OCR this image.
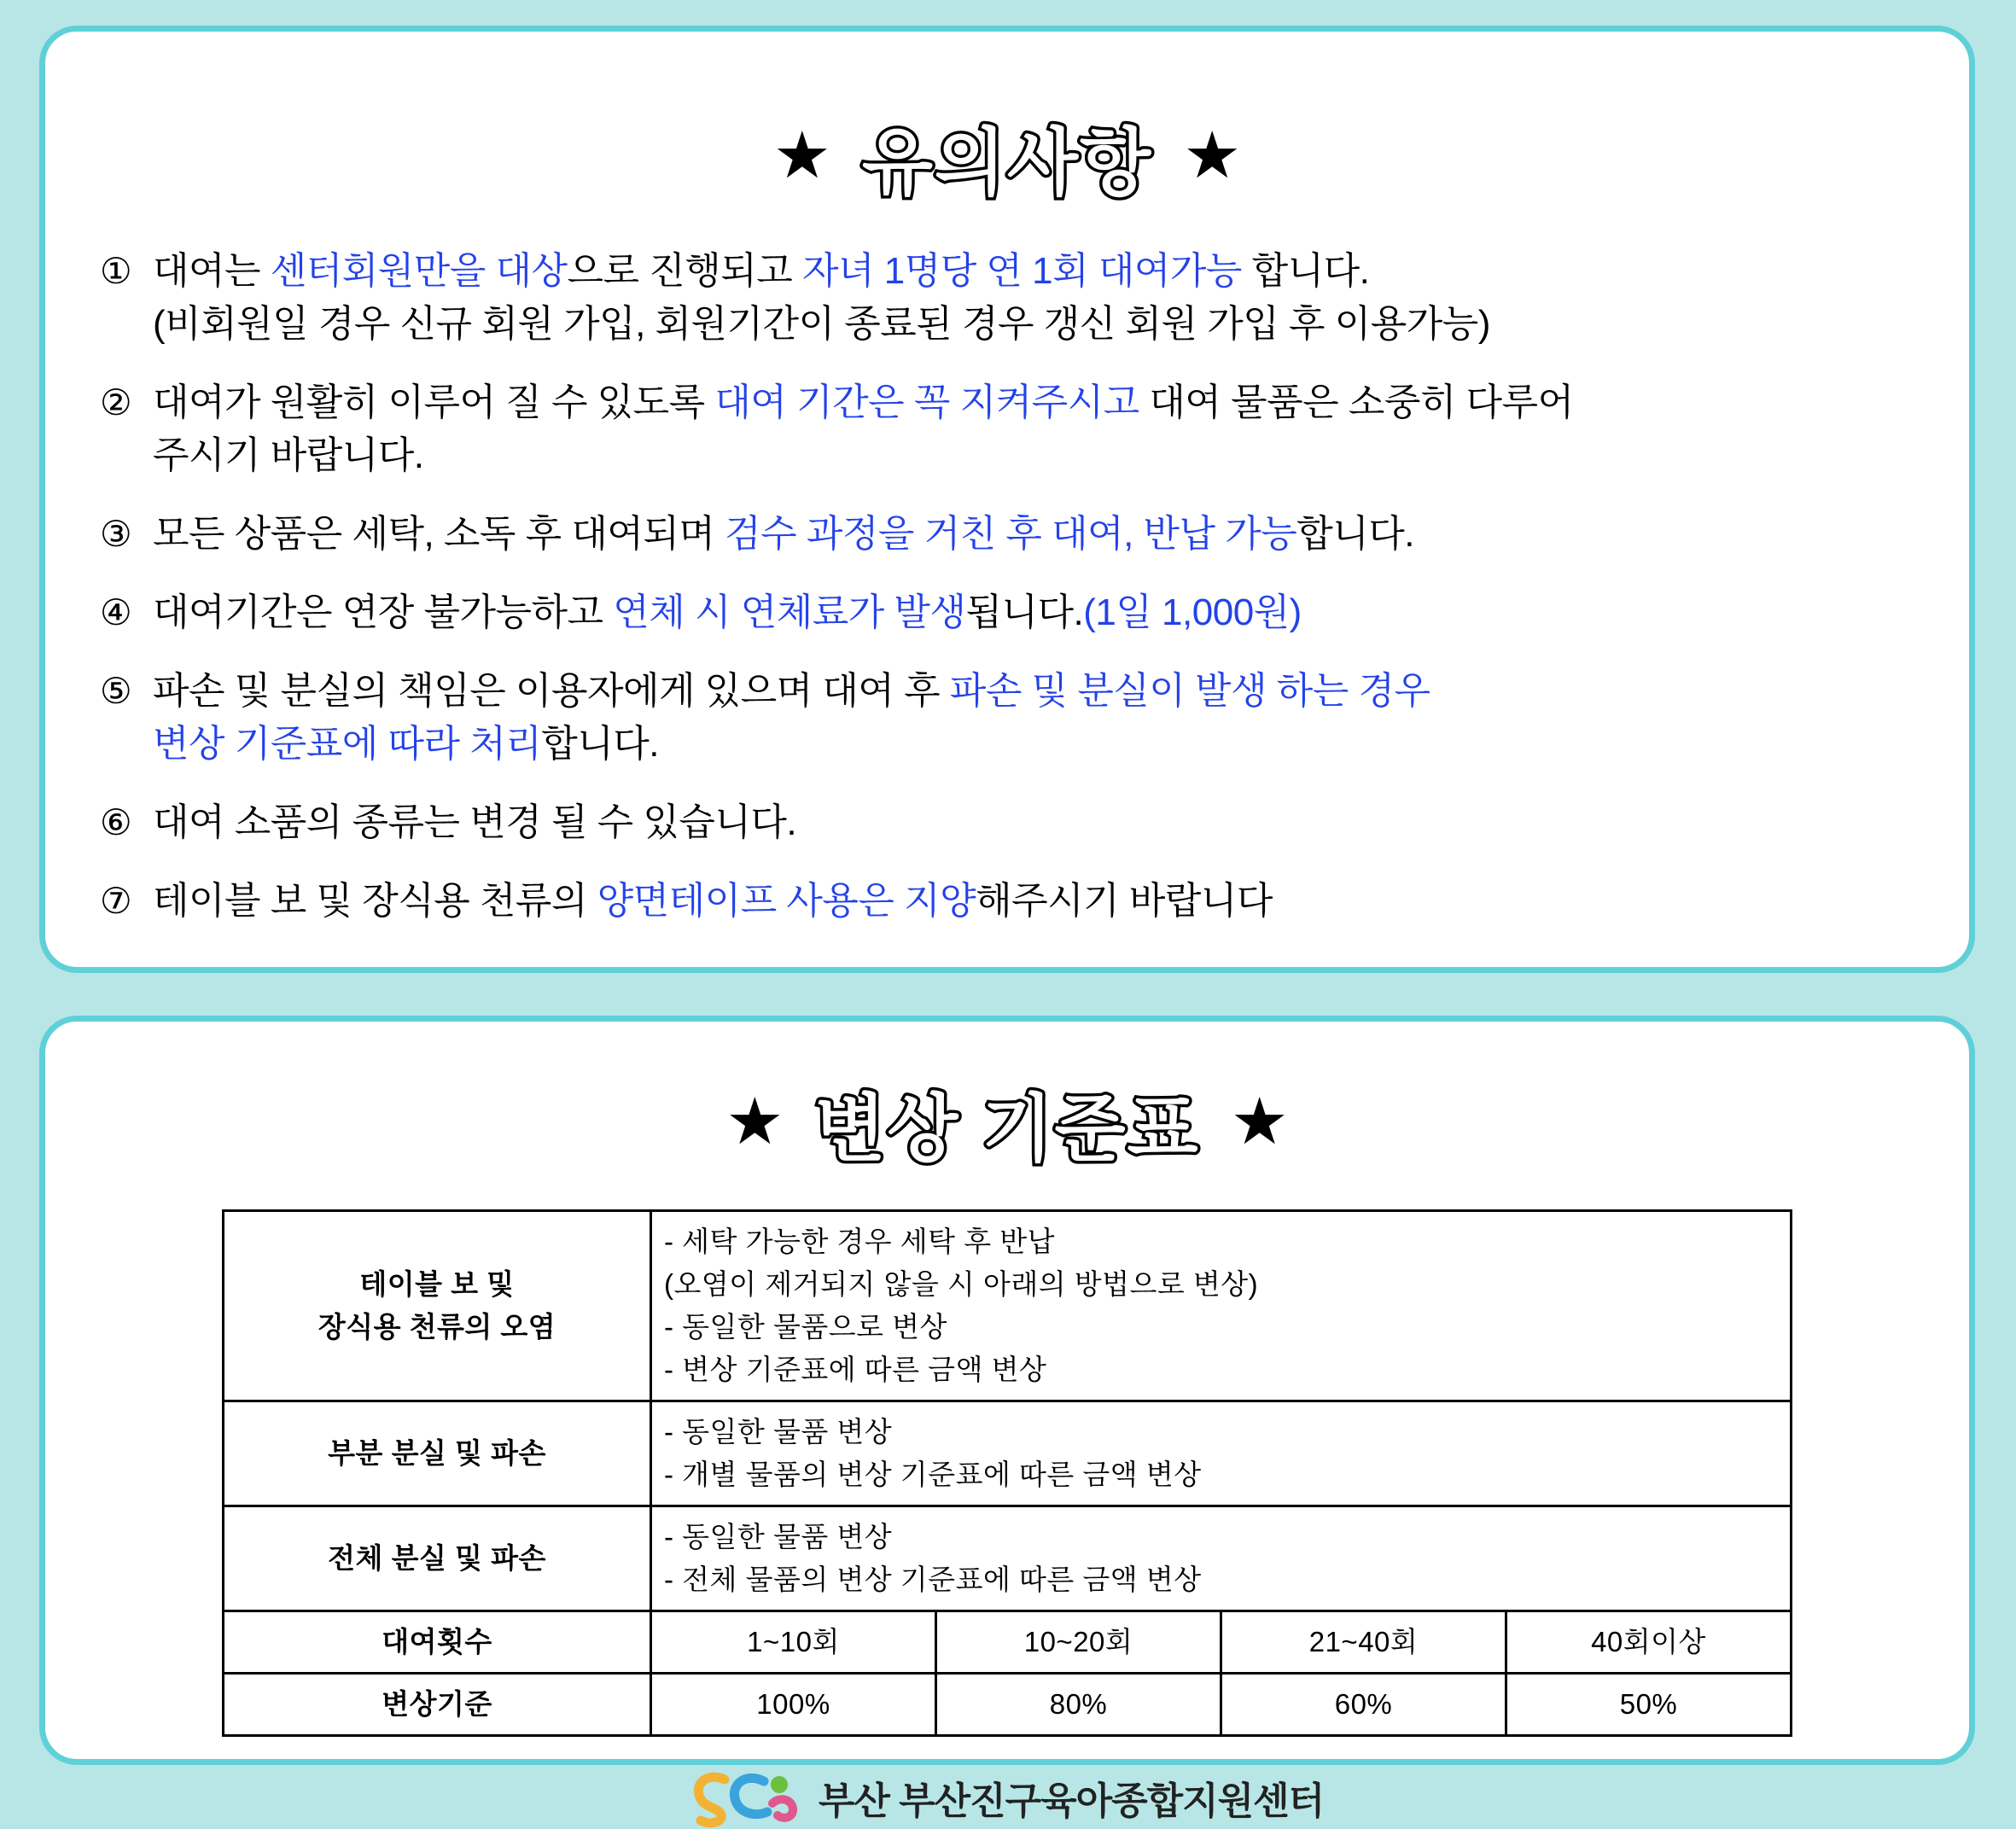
★ 유의사항 ★
① 대여는 센터회원만을 대상으로 진행되고 자녀 1명당 연 1회 대여가능 합니다.
(비회원일 경우 신규 회원 가입, 회원기간이 종료된 경우 갱신 회원 가입 후 이용가능)
② 대여가 원활히 이루어 질 수 있도록 대여 기간은 꼭 지켜주시고 대여 물품은 소중히 다루어
주시기 바랍니다.
③ 모든 상품은 세탁, 소독 후 대여되며 검수 과정을 거친 후 대여, 반납 가능합니다.
④ 대여기간은 연장 불가능하고 연체 시 연체료가 발생됩니다.(1일 1,000원)
⑤ 파손 및 분실의 책임은 이용자에게 있으며 대여 후 파손 및 분실이 발생 하는 경우
변상 기준표에 따라 처리합니다.
⑥ 대여 소품의 종류는 변경 될 수 있습니다.
⑦ 테이블 보 및 장식용 천류의 양면테이프 사용은 지양해주시기 바랍니다
★ 변상 기준표 ★
테이블 보 및
장식용 천류의 오염	- 세탁 가능한 경우 세탁 후 반납
(오염이 제거되지 않을 시 아래의 방법으로 변상)
- 동일한 물품으로 변상
- 변상 기준표에 따른 금액 변상			

부분 분실 및 파손	- 동일한 물품 변상
- 개별 물품의 변상 기준표에 따른 금액 변상			

전체 분실 및 파손	- 동일한 물품 변상
- 전체 물품의 변상 기준표에 따른 금액 변상			

대여횟수	1~10회	10~20회	21~40회	40회이상

변상기준	100%	80%	60%	50%
부산 부산진구육아종합지원센터
